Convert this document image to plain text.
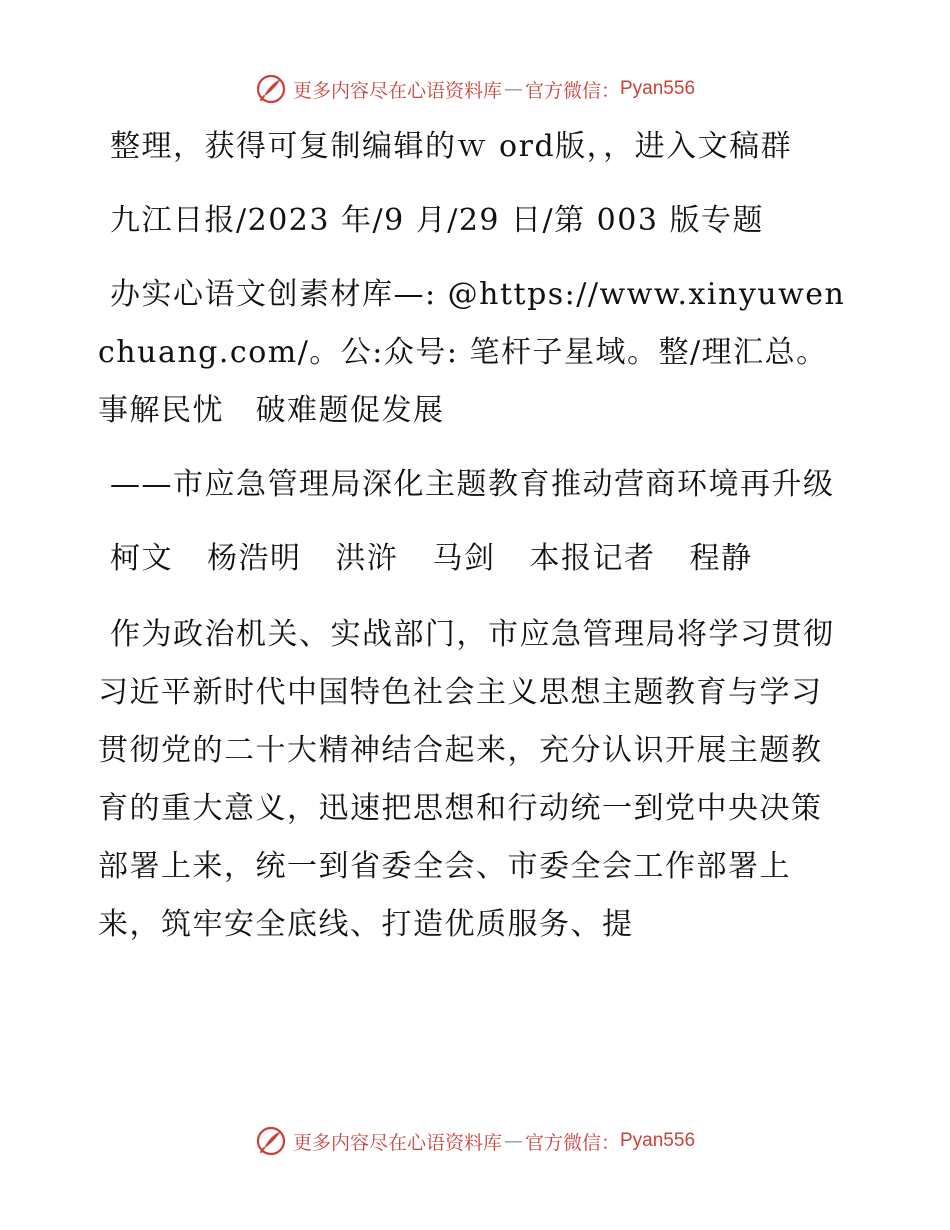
更多内容尽在心语资料库 — 官方微信： Pyan556

整理，获得可复制编辑的ｗ ord版，，进入文稿群

九江日报/2023 年/9 月/29 日/第 003 版专题

办实心语文创素材库—: @https://www.xinyuwenchuang.com/。公:众号: 笔杆子星域。整/理汇总。事解民忧　破难题促发展

——市应急管理局深化主题教育推动营商环境再升级

柯文 杨浩明 洪浒 马剑 本报记者 程静

作为政治机关、实战部门，市应急管理局将学习贯彻习近平新时代中国特色社会主义思想主题教育与学习贯彻党的二十大精神结合起来，充分认识开展主题教育的重大意义，迅速把思想和行动统一到党中央决策部署上来，统一到省委全会、市委全会工作部署上来，筑牢安全底线、打造优质服务、提

更多内容尽在心语资料库 — 官方微信： Pyan556
